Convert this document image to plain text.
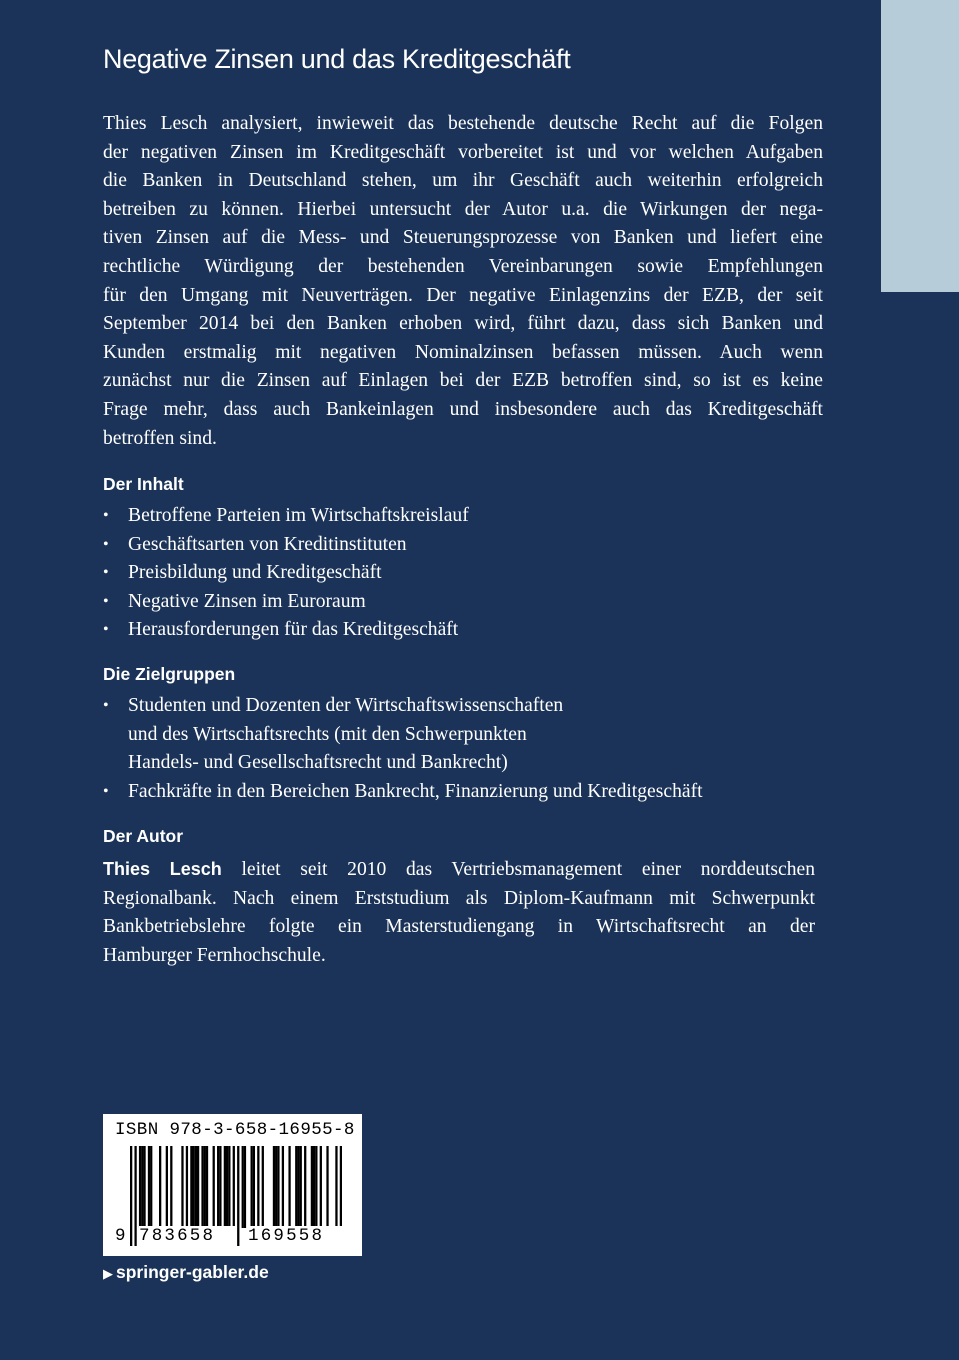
Negative Zinsen und das Kreditgeschäft

Thies Lesch analysiert, inwieweit das bestehende deutsche Recht auf die Folgen
der negativen Zinsen im Kreditgeschäft vorbereitet ist und vor welchen Aufgaben
die Banken in Deutschland stehen, um ihr Geschäft auch weiterhin erfolgreich
betreiben zu können. Hierbei untersucht der Autor u.a. die Wirkungen der nega-
tiven Zinsen auf die Mess- und Steuerungsprozesse von Banken und liefert eine
rechtliche Würdigung der bestehenden Vereinbarungen sowie Empfehlungen
für den Umgang mit Neuverträgen. Der negative Einlagenzins der EZB, der seit
September 2014 bei den Banken erhoben wird, führt dazu, dass sich Banken und
Kunden erstmalig mit negativen Nominalzinsen befassen müssen. Auch wenn
zunächst nur die Zinsen auf Einlagen bei der EZB betroffen sind, so ist es keine
Frage mehr, dass auch Bankeinlagen und insbesondere auch das Kreditgeschäft
betroffen sind.

Der Inhalt
• Betroffene Parteien im Wirtschaftskreislauf
• Geschäftsarten von Kreditinstituten
• Preisbildung und Kreditgeschäft
• Negative Zinsen im Euroraum
• Herausforderungen für das Kreditgeschäft
Die Zielgruppen
• Studenten und Dozenten der Wirtschaftswissenschaften
und des Wirtschaftsrechts (mit den Schwerpunkten
Handels- und Gesellschaftsrecht und Bankrecht)
• Fachkräfte in den Bereichen Bankrecht, Finanzierung und Kreditgeschäft
Der Autor

Thies Lesch leitet seit 2010 das Vertriebsmanagement einer norddeutschen
Regionalbank. Nach einem Erststudium als Diplom-Kaufmann mit Schwerpunkt
Bankbetriebslehre folgte ein Masterstudiengang in Wirtschaftsrecht an der
Hamburger Fernhochschule.

ISBN 978-3-658-16955-8
9 783658	169558
▶ springer-gabler.de
